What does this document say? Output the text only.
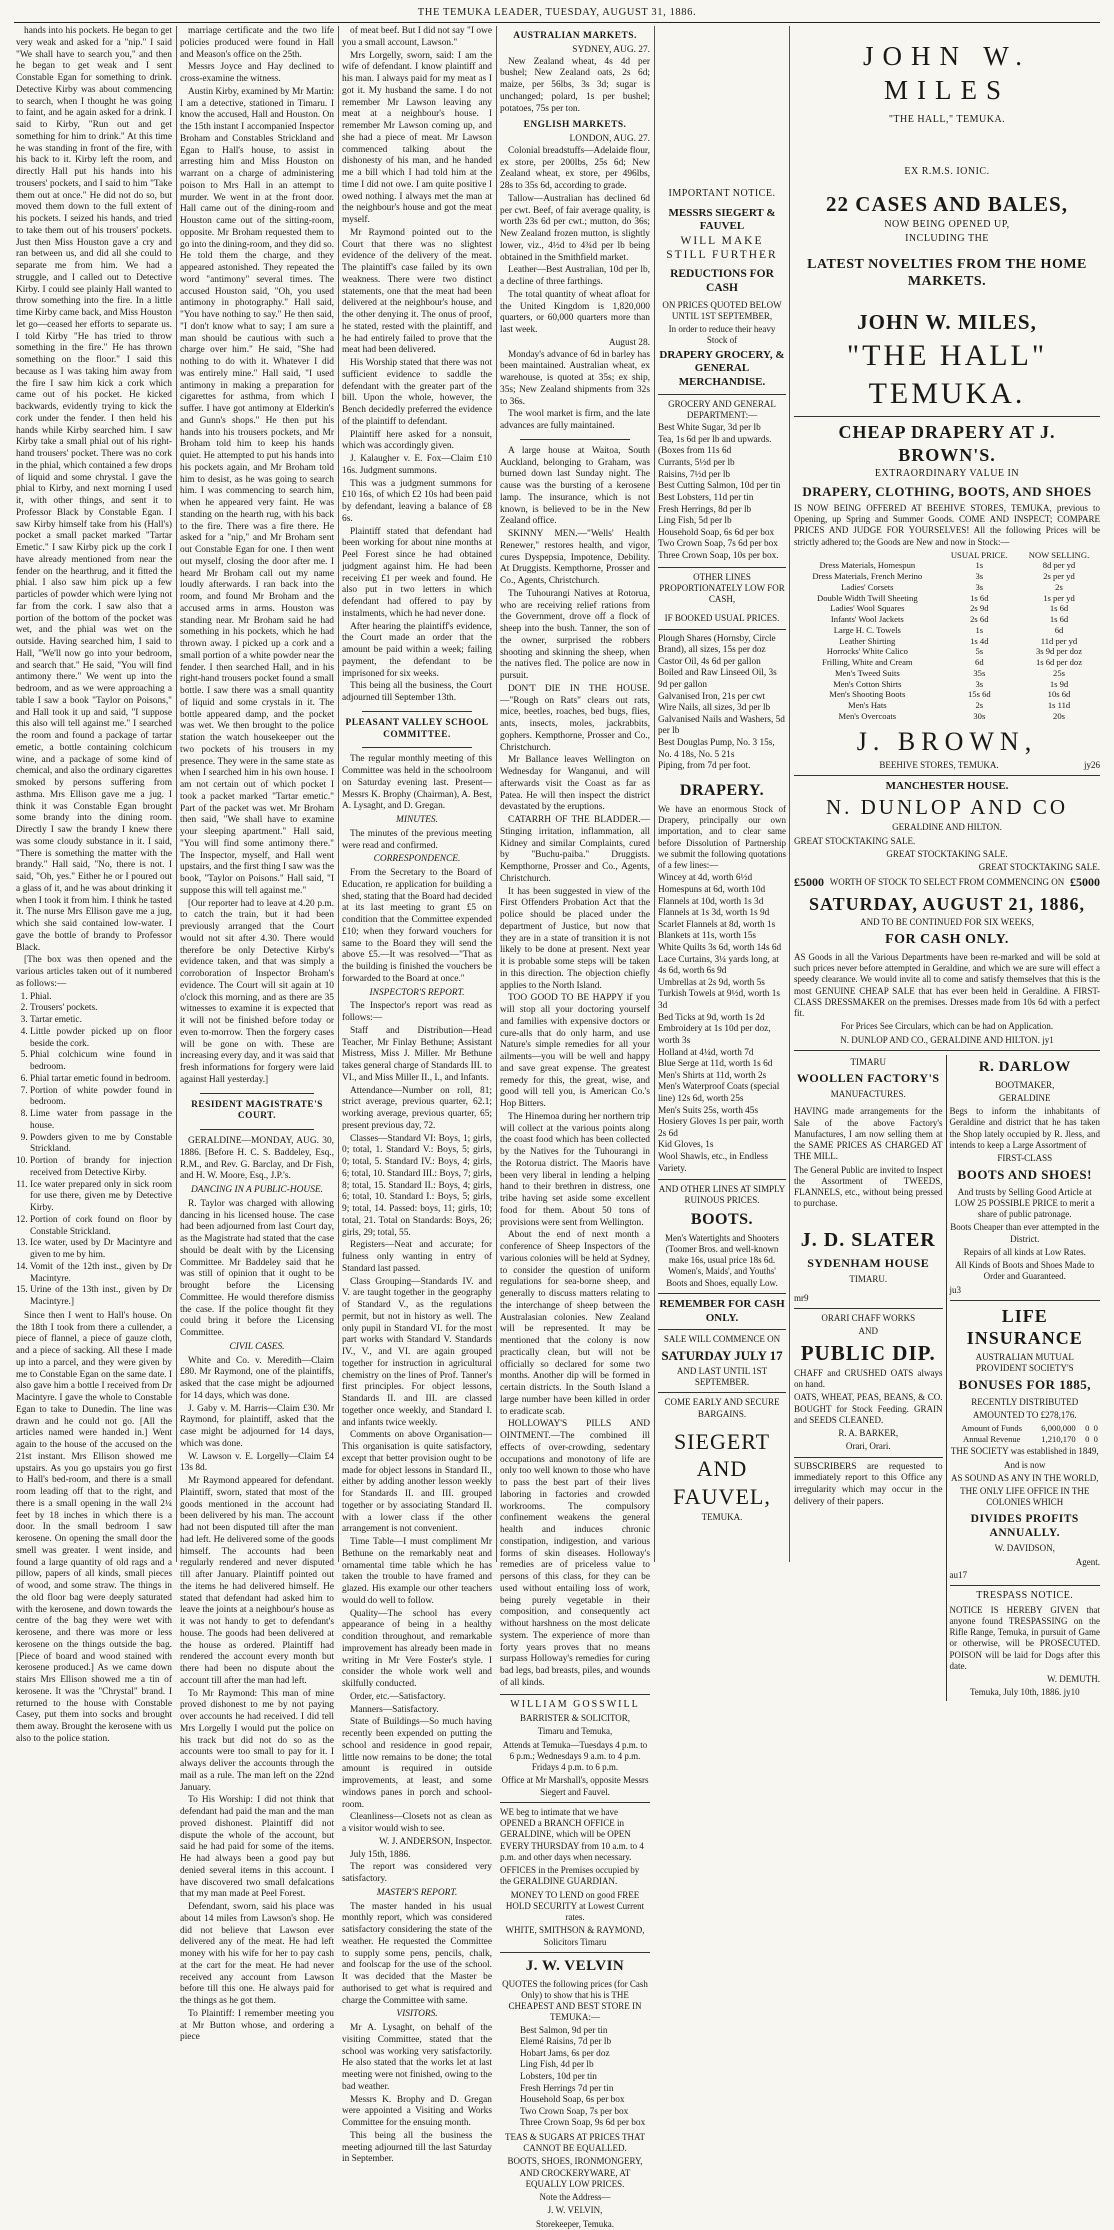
THE TEMUKA LEADER, TUESDAY, AUGUST 31, 1886.

hands into his pockets. He began to get very weak and asked for a "nip." I said "We shall have to search you," and then he began to get weak and I sent Constable Egan for something to drink. Detective Kirby was about commencing to search, when I thought he was going to faint, and he again asked for a drink. I said to Kirby, "Run out and get something for him to drink." At this time he was standing in front of the fire, with his back to it. Kirby left the room, and directly Hall put his hands into his trousers' pockets, and I said to him "Take them out at once." He did not do so, but moved them down to the full extent of his pockets. I seized his hands, and tried to take them out of his trousers' pockets. Just then Miss Houston gave a cry and ran between us, and did all she could to separate me from him. We had a struggle, and I called out to Detective Kirby. I could see plainly Hall wanted to throw something into the fire. In a little time Kirby came back, and Miss Houston let go—ceased her efforts to separate us. I told Kirby "He has tried to throw something in the fire." He has thrown something on the floor." I said this because as I was taking him away from the fire I saw him kick a cork which came out of his pocket. He kicked backwards, evidently trying to kick the cork under the fender. I then held his hands while Kirby searched him. I saw Kirby take a small phial out of his right-hand trousers' pocket. There was no cork in the phial, which contained a few drops of liquid and some chrystal. I gave the phial to Kirby, and next morning I used it, with other things, and sent it to Professor Black by Constable Egan. I saw Kirby himself take from his (Hall's) pocket a small packet marked "Tartar Emetic." I saw Kirby pick up the cork I have already mentioned from near the fender on the hearthrug, and it fitted the phial. I also saw him pick up a few particles of powder which were lying not far from the cork. I saw also that a portion of the bottom of the pocket was wet, and the phial was wet on the outside. Having searched him, I said to Hall, "We'll now go into your bedroom, and search that." He said, "You will find antimony there." We went up into the bedroom, and as we were approaching a table I saw a book "Taylor on Poisons," and Hall took it up and said, "I suppose this also will tell against me." I searched the room and found a package of tartar emetic, a bottle containing colchicum wine, and a package of some kind of chemical, and also the ordinary cigarettes smoked by persons suffering from asthma. Mrs Ellison gave me a jug. I think it was Constable Egan brought some brandy into the dining room. Directly I saw the brandy I knew there was some cloudy substance in it. I said, "There is something the matter with the brandy." Hall said, "No, there is not. I said, "Oh, yes." Either he or I poured out a glass of it, and he was about drinking it when I took it from him. I think he tasted it. The nurse Mrs Ellison gave me a jug, which she said contained low-water. I gave the bottle of brandy to Professor Black.

[The box was then opened and the various articles taken out of it numbered as follows:—

1. Phial.
2. Trousers' pockets.
3. Tartar emetic.
4. Little powder picked up on floor beside the cork.
5. Phial colchicum wine found in bedroom.
6. Phial tartar emetic found in bedroom.
7. Portion of white powder found in bedroom.
8. Lime water from passage in the house.
9. Powders given to me by Constable Strickland.
10. Portion of brandy for injection received from Detective Kirby.
11. Ice water prepared only in sick room for use there, given me by Detective Kirby.
12. Portion of cork found on floor by Constable Strickland.
13. Ice water, used by Dr Macintyre and given to me by him.
14. Vomit of the 12th inst., given by Dr Macintyre.
15. Urine of the 13th inst., given by Dr Macintyre.]

Since then I went to Hall's house. On the 18th I took from there a cullender, a piece of flannel, a piece of gauze cloth, and a piece of sacking. All these I made up into a parcel, and they were given by me to Constable Egan on the same date. I also gave him a bottle I received from Dr Macintyre. I gave the whole to Constable Egan to take to Dunedin. The line was drawn and he could not go. [All the articles named were handed in.] Went again to the house of the accused on the 21st instant. Mrs Ellison showed me upstairs. As you go upstairs you go first to Hall's bed-room, and there is a small room leading off that to the right, and there is a small opening in the wall 2¼ feet by 18 inches in which there is a door. In the small bedroom I saw kerosene. On opening the small door the smell was greater. I went inside, and found a large quantity of old rags and a pillow, papers of all kinds, small pieces of wood, and some straw. The things in the old floor bag were deeply saturated with the kerosene, and down towards the centre of the bag they were wet with kerosene, and there was more or less kerosene on the things outside the bag. [Piece of board and wood stained with kerosene produced.] As we came down stairs Mrs Ellison showed me a tin of kerosene. It was the "Chrystal" brand. I returned to the house with Constable Casey, put them into socks and brought them away. Brought the kerosene with us also to the police station.

marriage certificate and the two life policies produced were found in Hall and Meason's office on the 25th.

Messrs Joyce and Hay declined to cross-examine the witness.

Austin Kirby, examined by Mr Martin: I am a detective, stationed in Timaru. I know the accused, Hall and Houston. On the 15th instant I accompanied Inspector Broham and Constables Strickland and Egan to Hall's house, to assist in arresting him and Miss Houston on warrant on a charge of administering poison to Mrs Hall in an attempt to murder. We went in at the front door. Hall came out of the dining-room and Houston came out of the sitting-room, opposite. Mr Broham requested them to go into the dining-room, and they did so. He told them the charge, and they appeared astonished. They repeated the word "antimony" several times. The accused Houston said, "Oh, you used antimony in photography." Hall said, "You have nothing to say." He then said, "I don't know what to say; I am sure a man should be cautious with such a charge over him." He said, "She had nothing to do with it. Whatever I did was entirely mine." Hall said, "I used antimony in making a preparation for cigarettes for asthma, from which I suffer. I have got antimony at Elderkin's and Gunn's shops." He then put his hands into his trousers pockets, and Mr Broham told him to keep his hands quiet. He attempted to put his hands into his pockets again, and Mr Broham told him to desist, as he was going to search him. I was commencing to search him, when he appeared very faint. He was standing on the hearth rug, with his back to the fire. There was a fire there. He asked for a "nip," and Mr Broham sent out Constable Egan for one. I then went out myself, closing the door after me. I heard Mr Broham call out my name loudly afterwards. I ran back into the room, and found Mr Broham and the accused arms in arms. Houston was standing near. Mr Broham said he had something in his pockets, which he had thrown away. I picked up a cork and a small portion of a white powder near the fender. I then searched Hall, and in his right-hand trousers pocket found a small bottle. I saw there was a small quantity of liquid and some crystals in it. The bottle appeared damp, and the pocket was wet. We then brought to the police station the watch housekeeper out the two pockets of his trousers in my presence. They were in the same state as when I searched him in his own house. I am not certain out of which pocket I took a packet marked "Tartar emetic." Part of the packet was wet. Mr Broham then said, "We shall have to examine your sleeping apartment." Hall said, "You will find some antimony there." The Inspector, myself, and Hall went upstairs, and the first thing I saw was the book, "Taylor on Poisons." Hall said, "I suppose this will tell against me."

[Our reporter had to leave at 4.20 p.m. to catch the train, but it had been previously arranged that the Court would not sit after 4.30. There would therefore be only Detective Kirby's evidence taken, and that was simply a corroboration of Inspector Broham's evidence. The Court will sit again at 10 o'clock this morning, and as there are 35 witnesses to examine it is expected that it will not be finished before today or even to-morrow. Then the forgery cases will be gone on with. These are increasing every day, and it was said that fresh informations for forgery were laid against Hall yesterday.]

RESIDENT MAGISTRATE'S COURT.

GERALDINE—MONDAY, AUG. 30, 1886. [Before H. C. S. Baddeley, Esq., R.M., and Rev. G. Barclay, and Dr Fish, and H. W. Moore, Esq., J.P.'s.

DANCING IN A PUBLIC-HOUSE.

R. Taylor was charged with allowing dancing in his licensed house. The case had been adjourned from last Court day, as the Magistrate had stated that the case should be dealt with by the Licensing Committee. Mr Baddeley said that he was still of opinion that it ought to be brought before the Licensing Committee. He would therefore dismiss the case. If the police thought fit they could bring it before the Licensing Committee.

CIVIL CASES.

White and Co. v. Meredith—Claim £80. Mr Raymond, one of the plaintiffs, asked that the case might be adjourned for 14 days, which was done.

J. Gaby v. M. Harris—Claim £30. Mr Raymond, for plaintiff, asked that the case might be adjourned for 14 days, which was done.

W. Lawson v. E. Lorgelly—Claim £4 13s 8d.

Mr Raymond appeared for defendant. Plaintiff, sworn, stated that most of the goods mentioned in the account had been delivered by his man. The account had not been disputed till after the man had left. He delivered some of the goods himself. The accounts had been regularly rendered and never disputed till after January. Plaintiff pointed out the items he had delivered himself. He stated that defendant had asked him to leave the joints at a neighbour's house as it was not handy to get to defendant's house. The goods had been delivered at the house as ordered. Plaintiff had rendered the account every month but there had been no dispute about the account till after the man had left.

To Mr Raymond: This man of mine proved dishonest to me by not paying over accounts he had received. I did tell Mrs Lorgelly I would put the police on his track but did not do so as the accounts were too small to pay for it. I always deliver the accounts through the mail as a rule. The man left on the 22nd January.

To His Worship: I did not think that defendant had paid the man and the man proved dishonest. Plaintiff did not dispute the whole of the account, but said he had paid for some of the items. He had always been a good pay but denied several items in this account. I have discovered two small defalcations that my man made at Peel Forest.

Defendant, sworn, said his place was about 14 miles from Lawson's shop. He did not believe that Lawson ever delivered any of the meat. He had left money with his wife for her to pay cash at the cart for the meat. He had never received any account from Lawson before till this one. He always paid for the things as he got them.

To Plaintiff: I remember meeting you at Mr Button whose, and ordering a piece

of meat beef. But I did not say "I owe you a small account, Lawson."

Mrs Lorgelly, sworn, said: I am the wife of defendant. I know plaintiff and his man. I always paid for my meat as I got it. My husband the same. I do not remember Mr Lawson leaving any meat at a neighbour's house. I remember Mr Lawson coming up, and she had a piece of meat. Mr Lawson commenced talking about the dishonesty of his man, and he handed me a bill which I had told him at the time I did not owe. I am quite positive I owed nothing. I always met the man at the neighbour's house and got the meat myself.

Mr Raymond pointed out to the Court that there was no slightest evidence of the delivery of the meat. The plaintiff's case failed by its own weakness. There were two distinct statements, one that the meat had been delivered at the neighbour's house, and the other denying it. The onus of proof, he stated, rested with the plaintiff, and he had entirely failed to prove that the meat had been delivered.

His Worship stated that there was not sufficient evidence to saddle the defendant with the greater part of the bill. Upon the whole, however, the Bench decidedly preferred the evidence of the plaintiff to defendant.

Plaintiff here asked for a nonsuit, which was accordingly given.

J. Kalaugher v. E. Fox—Claim £10 16s. Judgment summons.

This was a judgment summons for £10 16s, of which £2 10s had been paid by defendant, leaving a balance of £8 6s.

Plaintiff stated that defendant had been working for about nine months at Peel Forest since he had obtained judgment against him. He had been receiving £1 per week and found. He also put in two letters in which defendant had offered to pay by instalments, which he had never done.

After hearing the plaintiff's evidence, the Court made an order that the amount be paid within a week; failing payment, the defendant to be imprisoned for six weeks.

This being all the business, the Court adjourned till September 13th.

PLEASANT VALLEY SCHOOL COMMITTEE.

The regular monthly meeting of this Committee was held in the schoolroom on Saturday evening last. Present—Messrs K. Brophy (Chairman), A. Best, A. Lysaght, and D. Gregan.

MINUTES.

The minutes of the previous meeting were read and confirmed.

CORRESPONDENCE.

From the Secretary to the Board of Education, re application for building a shed, stating that the Board had decided at its last meeting to grant £5 on condition that the Committee expended £10; when they forward vouchers for same to the Board they will send the above £5.—It was resolved—"That as the building is finished the vouchers be forwarded to the Board at once."

INSPECTOR'S REPORT.

The Inspector's report was read as follows:—

Staff and Distribution—Head Teacher, Mr Finlay Bethune; Assistant Mistress, Miss J. Miller. Mr Bethune takes general charge of Standards III. to VI., and Miss Miller II., I., and Infants.

Attendance—Number on roll, 81; strict average, previous quarter, 62.1; working average, previous quarter, 65; present previous day, 72.

Classes—Standard VI: Boys, 1; girls, 0; total, 1. Standard V.: Boys, 5; girls, 0; total, 5. Standard IV.: Boys, 4; girls, 6; total, 10. Standard III.: Boys, 7; girls, 8; total, 15. Standard II.: Boys, 4; girls, 6; total, 10. Standard I.: Boys, 5; girls, 9; total, 14. Passed: boys, 11; girls, 10; total, 21. Total on Standards: Boys, 26; girls, 29; total, 55.

Registers—Neat and accurate; for fulness only wanting in entry of Standard last passed.

Class Grouping—Standards IV. and V. are taught together in the geography of Standard V., as the regulations permit, but not in history as well. The only pupil in Standard VI. for the most part works with Standard V. Standards IV., V., and VI. are again grouped together for instruction in agricultural chemistry on the lines of Prof. Tanner's first principles. For object lessons, Standards II. and III. are classed together once weekly, and Standard I. and infants twice weekly.

Comments on above Organisation—This organisation is quite satisfactory, except that better provision ought to be made for object lessons in Standard II., either by adding another lesson weekly for Standards II. and III. grouped together or by associating Standard II. with a lower class if the other arrangement is not convenient.

Time Table—I must compliment Mr Bethune on the remarkably neat and ornamental time table which he has taken the trouble to have framed and glazed. His example our other teachers would do well to follow.

Quality—The school has every appearance of being in a healthy condition throughout, and remarkable improvement has already been made in writing in Mr Vere Foster's style. I consider the whole work well and skilfully conducted.

Order, etc.—Satisfactory.

Manners—Satisfactory.

State of Buildings—So much having recently been expended on putting the school and residence in good repair, little now remains to be done; the total amount is required in outside improvements, at least, and some windows panes in porch and school-room.

Cleanliness—Closets not as clean as a visitor would wish to see.

W. J. ANDERSON, Inspector.

July 15th, 1886.

The report was considered very satisfactory.

MASTER'S REPORT.

The master handed in his usual monthly report, which was considered satisfactory considering the state of the weather. He requested the Committee to supply some pens, pencils, chalk, and foolscap for the use of the school. It was decided that the Master be authorised to get what is required and charge the Committee with same.

VISITORS.

Mr A. Lysaght, on behalf of the visiting Committee, stated that the school was working very satisfactorily. He also stated that the works let at last meeting were not finished, owing to the bad weather.

Messrs K. Brophy and D. Gregan were appointed a Visiting and Works Committee for the ensuing month.

This being all the business the meeting adjourned till the last Saturday in September.

AUSTRALIAN MARKETS.
SYDNEY, AUG. 27.

New Zealand wheat, 4s 4d per bushel; New Zealand oats, 2s 6d; maize, per 56lbs, 3s 3d; sugar is unchanged; polard, 1s per bushel; potatoes, 75s per ton.

ENGLISH MARKETS.
LONDON, AUG. 27.

Colonial breadstuffs—Adelaide flour, ex store, per 200lbs, 25s 6d; New Zealand wheat, ex store, per 496lbs, 28s to 35s 6d, according to grade.

Tallow—Australian has declined 6d per cwt. Beef, of fair average quality, is worth 23s 6d per cwt.; mutton, do 36s; New Zealand frozen mutton, is slightly lower, viz., 4½d to 4¾d per lb being obtained in the Smithfield market.

Leather—Best Australian, 10d per lb, a decline of three farthings.

The total quantity of wheat afloat for the United Kingdom is 1,820,000 quarters, or 60,000 quarters more than last week.

August 28.

Monday's advance of 6d in barley has been maintained. Australian wheat, ex warehouse, is quoted at 35s; ex ship, 35s; New Zealand shipments from 32s to 36s.

The wool market is firm, and the late advances are fully maintained.

A large house at Waitoa, South Auckland, belonging to Graham, was burned down last Sunday night. The cause was the bursting of a kerosene lamp. The insurance, which is not known, is believed to be in the New Zealand office.

SKINNY MEN.—"Wells' Health Renewer," restores health, and vigor, cures Dyspepsia, Impotence, Debility. At Druggists. Kempthorne, Prosser and Co., Agents, Christchurch.

The Tuhourangi Natives at Rotorua, who are receiving relief rations from the Government, drove off a flock of sheep into the bush. Tanner, the son of the owner, surprised the robbers shooting and skinning the sheep, when the natives fled. The police are now in pursuit.

DON'T DIE IN THE HOUSE.—"Rough on Rats" clears out rats, mice, beetles, roaches, bed bugs, flies, ants, insects, moles, jackrabbits, gophers. Kempthorne, Prosser and Co., Christchurch.

Mr Ballance leaves Wellington on Wednesday for Wanganui, and will afterwards visit the Coast as far as Patea. He will then inspect the district devastated by the eruptions.

CATARRH OF THE BLADDER.—Stinging irritation, inflammation, all Kidney and similar Complaints, cured by "Buchu-paiba." Druggists. Kempthorne, Prosser and Co., Agents, Christchurch.

It has been suggested in view of the First Offenders Probation Act that the police should be placed under the department of Justice, but now that they are in a state of transition it is not likely to be done at present. Next year it is probable some steps will be taken in this direction. The objection chiefly applies to the North Island.

TOO GOOD TO BE HAPPY if you will stop all your doctoring yourself and families with expensive doctors or cure-alls that do only harm, and use Nature's simple remedies for all your ailments—you will be well and happy and save great expense. The greatest remedy for this, the great, wise, and good will tell you, is American Co.'s Hop Bitters.

The Hinemoa during her northern trip will collect at the various points along the coast food which has been collected by the Natives for the Tuhourangi in the Rotorua district. The Maoris have been very liberal in lending a helping hand to their brethren in distress, one tribe having set aside some excellent food for them. About 50 tons of provisions were sent from Wellington.

About the end of next month a conference of Sheep Inspectors of the various colonies will be held at Sydney, to consider the question of uniform regulations for sea-borne sheep, and generally to discuss matters relating to the interchange of sheep between the Australasian colonies. New Zealand will be represented. It may be mentioned that the colony is now practically clean, but will not be officially so declared for some two months. Another dip will be formed in certain districts. In the South Island a large number have been killed in order to eradicate scab.

HOLLOWAY'S PILLS AND OINTMENT.—The combined ill effects of over-crowding, sedentary occupations and monotony of life are only too well known to those who have to pass the best part of their lives laboring in factories and crowded workrooms. The compulsory confinement weakens the general health and induces chronic constipation, indigestion, and various forms of skin diseases. Holloway's remedies are of priceless value to persons of this class, for they can be used without entailing loss of work, being purely vegetable in their composition, and consequently act without harshness on the most delicate system. The experience of more than forty years proves that no means surpass Holloway's remedies for curing bad legs, bad breasts, piles, and wounds of all kinds.

WILLIAM GOSSWILL
BARRISTER & SOLICITOR,
Timaru and Temuka,
Attends at Temuka—Tuesdays 4 p.m. to 6 p.m.; Wednesdays 9 a.m. to 4 p.m. Fridays 4 p.m. to 6 p.m.
Office at Mr Marshall's, opposite Messrs Siegert and Fauvel.
WE beg to intimate that we have OPENED a BRANCH OFFICE in GERALDINE, which will be OPEN EVERY THURSDAY from 10 a.m. to 4 p.m. and other days when necessary.
OFFICES in the Premises occupied by the GERALDINE GUARDIAN.
MONEY TO LEND on good FREE HOLD SECURITY at Lowest Current rates.
WHITE, SMITHSON & RAYMOND, Solicitors Timaru
J. W. VELVIN
QUOTES the following prices (for Cash Only) to show that his is THE CHEAPEST AND BEST STORE IN TEMUKA:—
Best Salmon, 9d per tin
Elemé Raisins, 7d per lb
Hobart Jams, 6s per doz
Ling Fish, 4d per lb
Lobsters, 10d per tin
Fresh Herrings 7d per tin
Household Soap, 6s per box
Two Crown Soap, 7s per box
Three Crown Soap, 9s 6d per box
TEAS & SUGARS AT PRICES THAT CANNOT BE EQUALLED.
BOOTS, SHOES, IRONMONGERY, AND CROCKERYWARE, AT EQUALLY LOW PRICES.
Note the Address—
J. W. VELVIN,
Storekeeper, Temuka.
IMPORTANT NOTICE.
MESSRS SIEGERT & FAUVEL
WILL MAKE STILL FURTHER
REDUCTIONS FOR CASH
ON PRICES QUOTED BELOW UNTIL 1ST SEPTEMBER,
In order to reduce their heavy Stock of
DRAPERY GROCERY, & GENERAL MERCHANDISE.
GROCERY AND GENERAL DEPARTMENT:—
Best White Sugar, 3d per lb
Tea, 1s 6d per lb and upwards. (Boxes from 11s 6d
Currants, 5½d per lb
Raisins, 7½d per lb
Best Cutting Salmon, 10d per tin
Best Lobsters, 11d per tin
Fresh Herrings, 8d per lb
Ling Fish, 5d per lb
Household Soap, 6s 6d per box
Two Crown Soap, 7s 6d per box
Three Crown Soap, 10s per box.
OTHER LINES PROPORTIONATELY LOW FOR CASH,
IF BOOKED USUAL PRICES.
Plough Shares (Hornsby, Circle Brand), all sizes, 15s per doz
Castor Oil, 4s 6d per gallon
Boiled and Raw Linseed Oil, 3s 9d per gallon
Galvanised Iron, 21s per cwt
Wire Nails, all sizes, 3d per lb
Galvanised Nails and Washers, 5d per lb
Best Douglas Pump, No. 3 15s, No. 4 18s, No. 5 21s
Piping, from 7d per foot.
DRAPERY.
We have an enormous Stock of Drapery, principally our own importation, and to clear same before Dissolution of Partnership we submit the following quotations of a few lines:—
Wincey at 4d, worth 6½d
Homespuns at 6d, worth 10d
Flannels at 10d, worth 1s 3d
Flannels at 1s 3d, worth 1s 9d
Scarlet Flannels at 8d, worth 1s
Blankets at 11s, worth 15s
White Quilts 3s 6d, worth 14s 6d
Lace Curtains, 3¼ yards long, at 4s 6d, worth 6s 9d
Umbrellas at 2s 9d, worth 5s
Turkish Towels at 9½d, worth 1s 3d
Bed Ticks at 9d, worth 1s 2d
Embroidery at 1s 10d per doz, worth 3s
Holland at 4¼d, worth 7d
Blue Serge at 11d, worth 1s 6d
Men's Shirts at 11d, worth 2s
Men's Waterproof Coats (special line) 12s 6d, worth 25s
Men's Suits 25s, worth 45s
Hosiery Gloves 1s per pair, worth 2s 6d
Kid Gloves, 1s
Wool Shawls, etc., in Endless Variety.
AND OTHER LINES AT SIMPLY RUINOUS PRICES.
BOOTS.
Men's Watertights and Shooters (Toomer Bros. and well-known make 16s, usual price 18s 6d. Women's, Maids', and Youths' Boots and Shoes, equally Low.
REMEMBER FOR CASH ONLY.
SALE WILL COMMENCE ON
SATURDAY JULY 17
AND LAST UNTIL 1ST SEPTEMBER.
COME EARLY AND SECURE BARGAINS.
SIEGERT AND
FAUVEL,
TEMUKA.
JOHN W. MILES
"THE HALL," TEMUKA.
EX R.M.S. IONIC.
22 CASES AND BALES,
NOW BEING OPENED UP,
INCLUDING THE
LATEST NOVELTIES FROM THE HOME MARKETS.
JOHN W. MILES,
"THE HALL" TEMUKA.
CHEAP DRAPERY AT J. BROWN'S.
EXTRAORDINARY VALUE IN
DRAPERY, CLOTHING, BOOTS, AND SHOES
IS NOW BEING OFFERED AT BEEHIVE STORES, TEMUKA, previous to Opening, up Spring and Summer Goods. COME AND INSPECT; COMPARE PRICES AND JUDGE FOR YOURSELVES! All the following Prices will be strictly adhered to; the Goods are New and now in Stock:—
	USUAL PRICE.	NOW SELLING.
Dress Materials, Homespun	1s	8d per yd
Dress Materials, French Merino	3s	2s per yd
Ladies' Corsets	3s	2s
Double Width Twill Sheeting	1s 6d	1s per yd
Ladies' Wool Squares	2s 9d	1s 6d
Infants' Wool Jackets	2s 6d	1s 6d
Large H. C. Towels	1s	6d
Leather Shirting	1s 4d	11d per yd
Horrocks' White Calico	5s	3s 9d per doz
Frilling, White and Cream	6d	1s 6d per doz
Men's Tweed Suits	35s	25s
Men's Cotton Shirts	3s	1s 9d
Men's Shooting Boots	15s 6d	10s 6d
Men's Hats	2s	1s 11d
Men's Overcoats	30s	20s
J. BROWN,
BEEHIVE STORES, TEMUKA.	jy26
MANCHESTER HOUSE.
N. DUNLOP AND CO
GERALDINE AND HILTON.
GREAT STOCKTAKING SALE.
GREAT STOCKTAKING SALE.
GREAT STOCKTAKING SALE.
£5000 WORTH OF STOCK TO SELECT FROM COMMENCING ON £5000
SATURDAY, AUGUST 21, 1886,
AND TO BE CONTINUED FOR SIX WEEKS,
FOR CASH ONLY.
AS Goods in all the Various Departments have been re-marked and will be sold at such prices never before attempted in Geraldine, and which we are sure will effect a speedy clearance. We would invite all to come and satisfy themselves that this is the most GENUINE CHEAP SALE that has ever been held in Geraldine. A FIRST-CLASS DRESSMAKER on the premises. Dresses made from 10s 6d with a perfect fit.
For Prices See Circulars, which can be had on Application.
N. DUNLOP AND CO., GERALDINE AND HILTON. jy1
TIMARU
WOOLLEN FACTORY'S
MANUFACTURES.
HAVING made arrangements for the Sale of the above Factory's Manufactures, I am now selling them at the SAME PRICES AS CHARGED AT THE MILL.
The General Public are invited to Inspect the Assortment of TWEEDS, FLANNELS, etc., without being pressed to purchase.
J. D. SLATER
SYDENHAM HOUSE
TIMARU.
mr9
ORARI CHAFF WORKS
AND
PUBLIC DIP.
CHAFF and CRUSHED OATS always on hand.
OATS, WHEAT, PEAS, BEANS, & CO. BOUGHT for Stock Feeding. GRAIN and SEEDS CLEANED.
R. A. BARKER,
Orari, Orari.
SUBSCRIBERS are requested to immediately report to this Office any irregularity which may occur in the delivery of their papers.
R. DARLOW
BOOTMAKER,
GERALDINE
Begs to inform the inhabitants of Geraldine and district that he has taken the Shop lately occupied by R. Jless, and intends to keep a Large Assortment of
FIRST-CLASS
BOOTS AND SHOES!
And trusts by Selling Good Article at LOW 25 POSSIBLE PRICE to merit a share of public patronage.
Boots Cheaper than ever attempted in the District.
Repairs of all kinds at Low Rates.
All Kinds of Boots and Shoes Made to Order and Guaranteed.
ju3
LIFE INSURANCE
AUSTRALIAN MUTUAL PROVIDENT SOCIETY'S
BONUSES FOR 1885,
RECENTLY DISTRIBUTED
AMOUNTED TO £278,176.
Amount of Funds	6,000,000	0	0
Annual Revenue	1,210,170	0	0
THE SOCIETY was established in 1849,
And is now
AS SOUND AS ANY IN THE WORLD,
THE ONLY LIFE OFFICE IN THE COLONIES WHICH
DIVIDES PROFITS ANNUALLY.
W. DAVIDSON,
Agent.
au17
TRESPASS NOTICE.
NOTICE IS HEREBY GIVEN that anyone found TRESPASSING on the Rifle Range, Temuka, in pursuit of Game or otherwise, will be PROSECUTED. POISON will be laid for Dogs after this date.
W. DEMUTH.
Temuka, July 10th, 1886. jy10
